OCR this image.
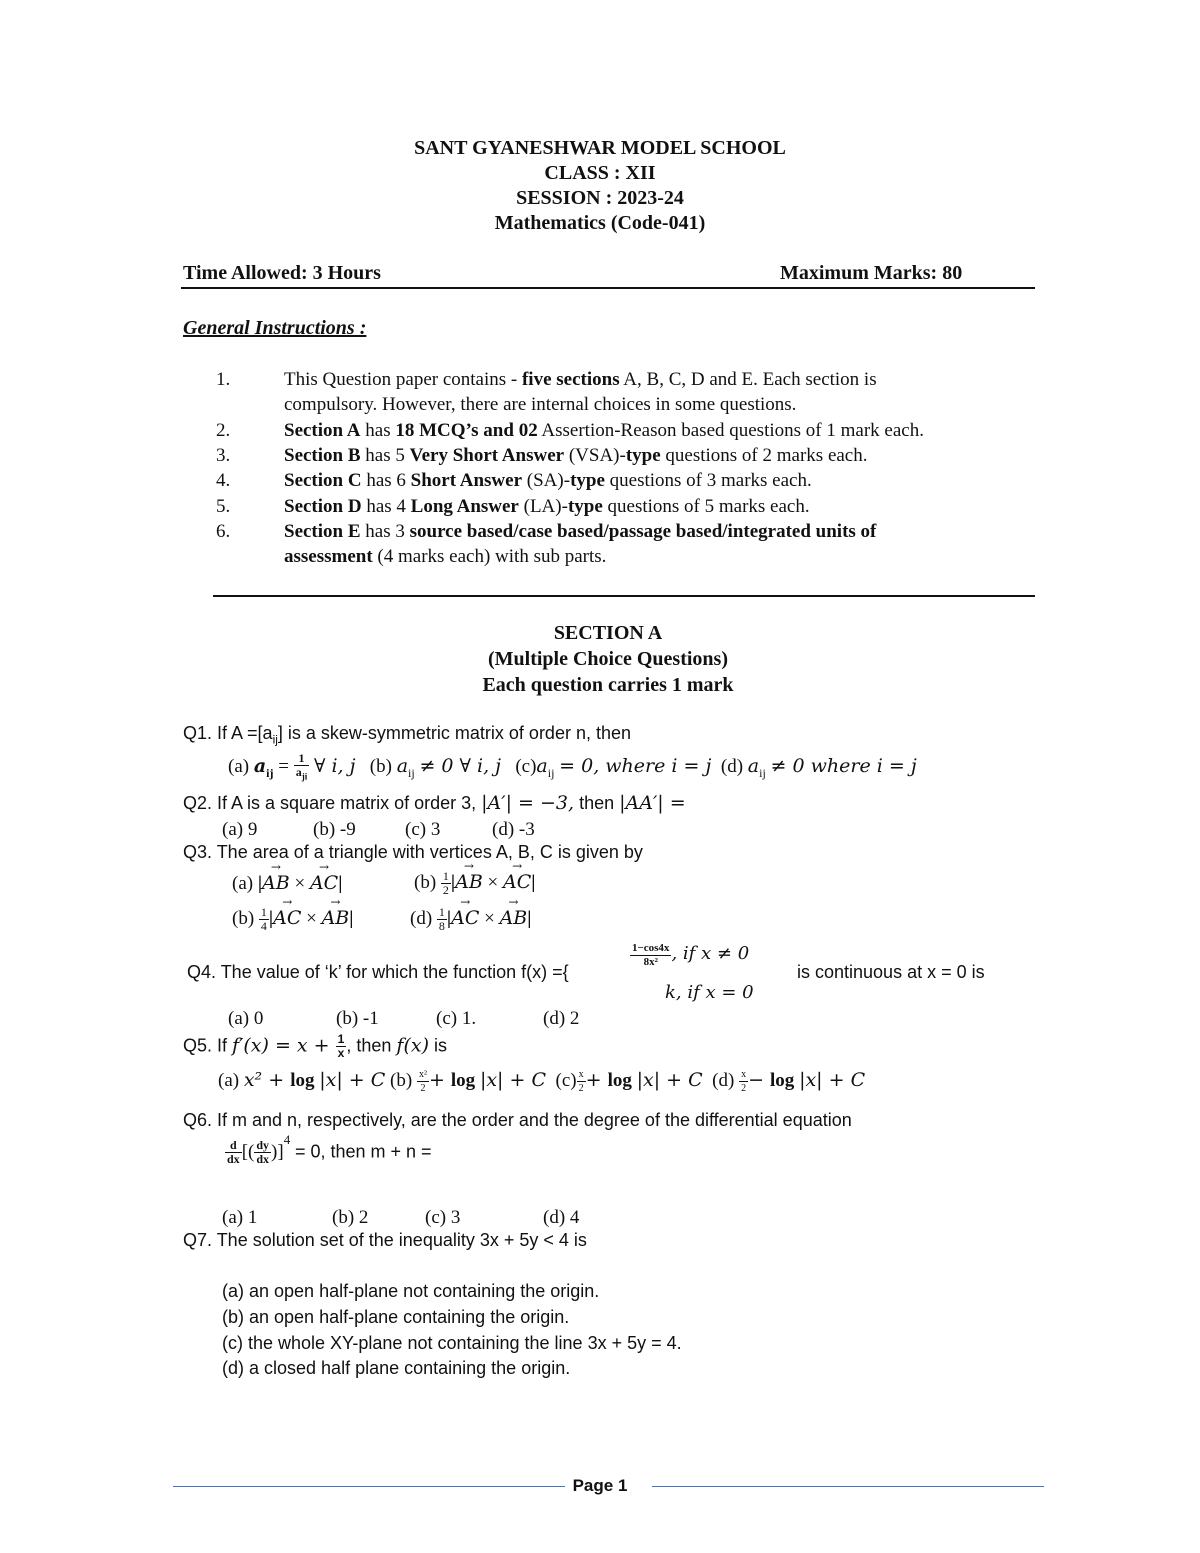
SANT GYANESHWAR MODEL SCHOOL
CLASS : XII
SESSION : 2023-24
Mathematics (Code-041)
Time Allowed: 3 Hours	Maximum Marks: 80
General Instructions :
1.	This Question paper contains - five sections A, B, C, D and E. Each section is
compulsory. However, there are internal choices in some questions.
2.	Section A has 18 MCQ’s and 02 Assertion-Reason based questions of 1 mark each.
3.	Section B has 5 Very Short Answer (VSA)-type questions of 2 marks each.
4.	Section C has 6 Short Answer (SA)-type questions of 3 marks each.
5.	Section D has 4 Long Answer (LA)-type questions of 5 marks each.
6.	Section E has 3 source based/case based/passage based/integrated units of
assessment (4 marks each) with sub parts.
SECTION A
(Multiple Choice Questions)
Each question carries 1 mark
Q1. If $A =[a_{ij}]$ is a skew-symmetric matrix of order n, then
(a) $a_{ij} = \frac{1}{a_{ji}}$ ∀ i, j   (b) $a_{ij} \ne 0$ ∀ i, j   $(c)a_{ij} = 0$, where i = j  (d) $a_{ij} \ne 0$ where i = j
Q2. If A is a square matrix of order 3, |A′| = −3, then |AA′| =
(a) 9	(b) -9	(c) 3	(d) -3
Q3. The area of a triangle with vertices A, B, C is given by
(a) |→ AB × → AC|	$(b) \frac{1}{2}$ |→ AB × → AC|
$(b) \frac{1}{4}$ |→ AC × → AB|	$(d) \frac{1}{8}$ |→ AC × → AB|
Q4. The value of ‘k’ for which the function f(x) ={
$\frac{1-\cos 4x}{\text{8x²}}$ , if x ≠ 0
k, if x = 0
is continuous at x = 0 is
(a) 0	(b) -1	(c) 1.	(d) 2
Q5. If $f'(x) = x + \frac{1}{x}$ , then f(x) is
(a) x² + log |x| + C $(b) \frac{\text{x²}}{2} + \log |x| + C$  $(c) \frac{x}{2} + \log |x| + C$  $(d) \frac{x}{2} - \log |x| + C$
Q6. If m and n, respectively, are the order and the degree of the differential equation
$\frac{d}{dx}$ [( $\frac{dy}{dx} )]^4 = 0$, then m + n =
(a) 1	(b) 2	(c) 3	(d) 4
Q7. The solution set of the inequality 3x + 5y < 4 is
(a) an open half-plane not containing the origin.
(b) an open half-plane containing the origin.
(c) the whole XY-plane not containing the line 3x + 5y = 4.
(d) a closed half plane containing the origin.
Page 1
